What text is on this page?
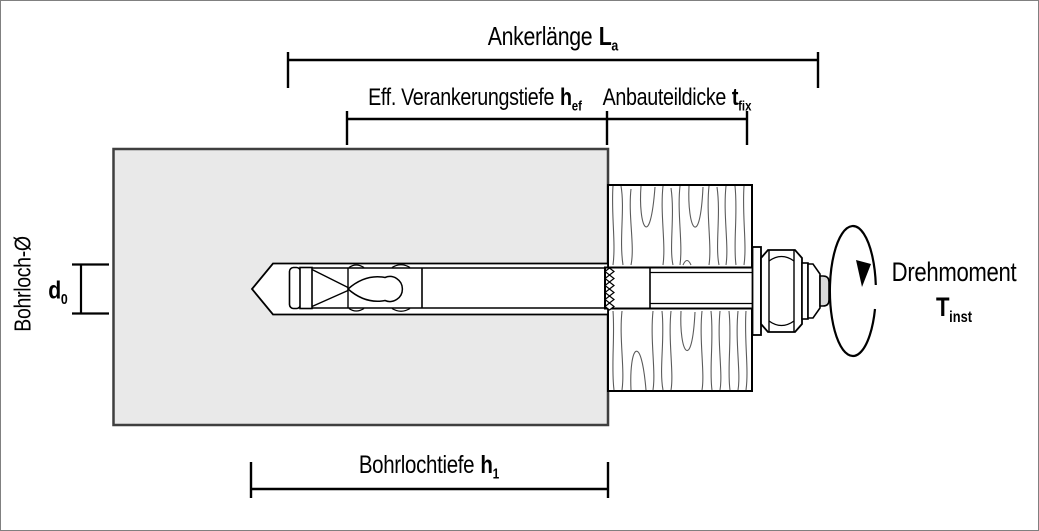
Ankerlänge $L_a$
Eff. Verankerungstiefe $h_{ef}$ Anbauteildicke $t_{fix}$
Bohrlochtiefe $h_1$
Drehmoment
$T_{inst}$
Bohrloch-Ø $d_0$
